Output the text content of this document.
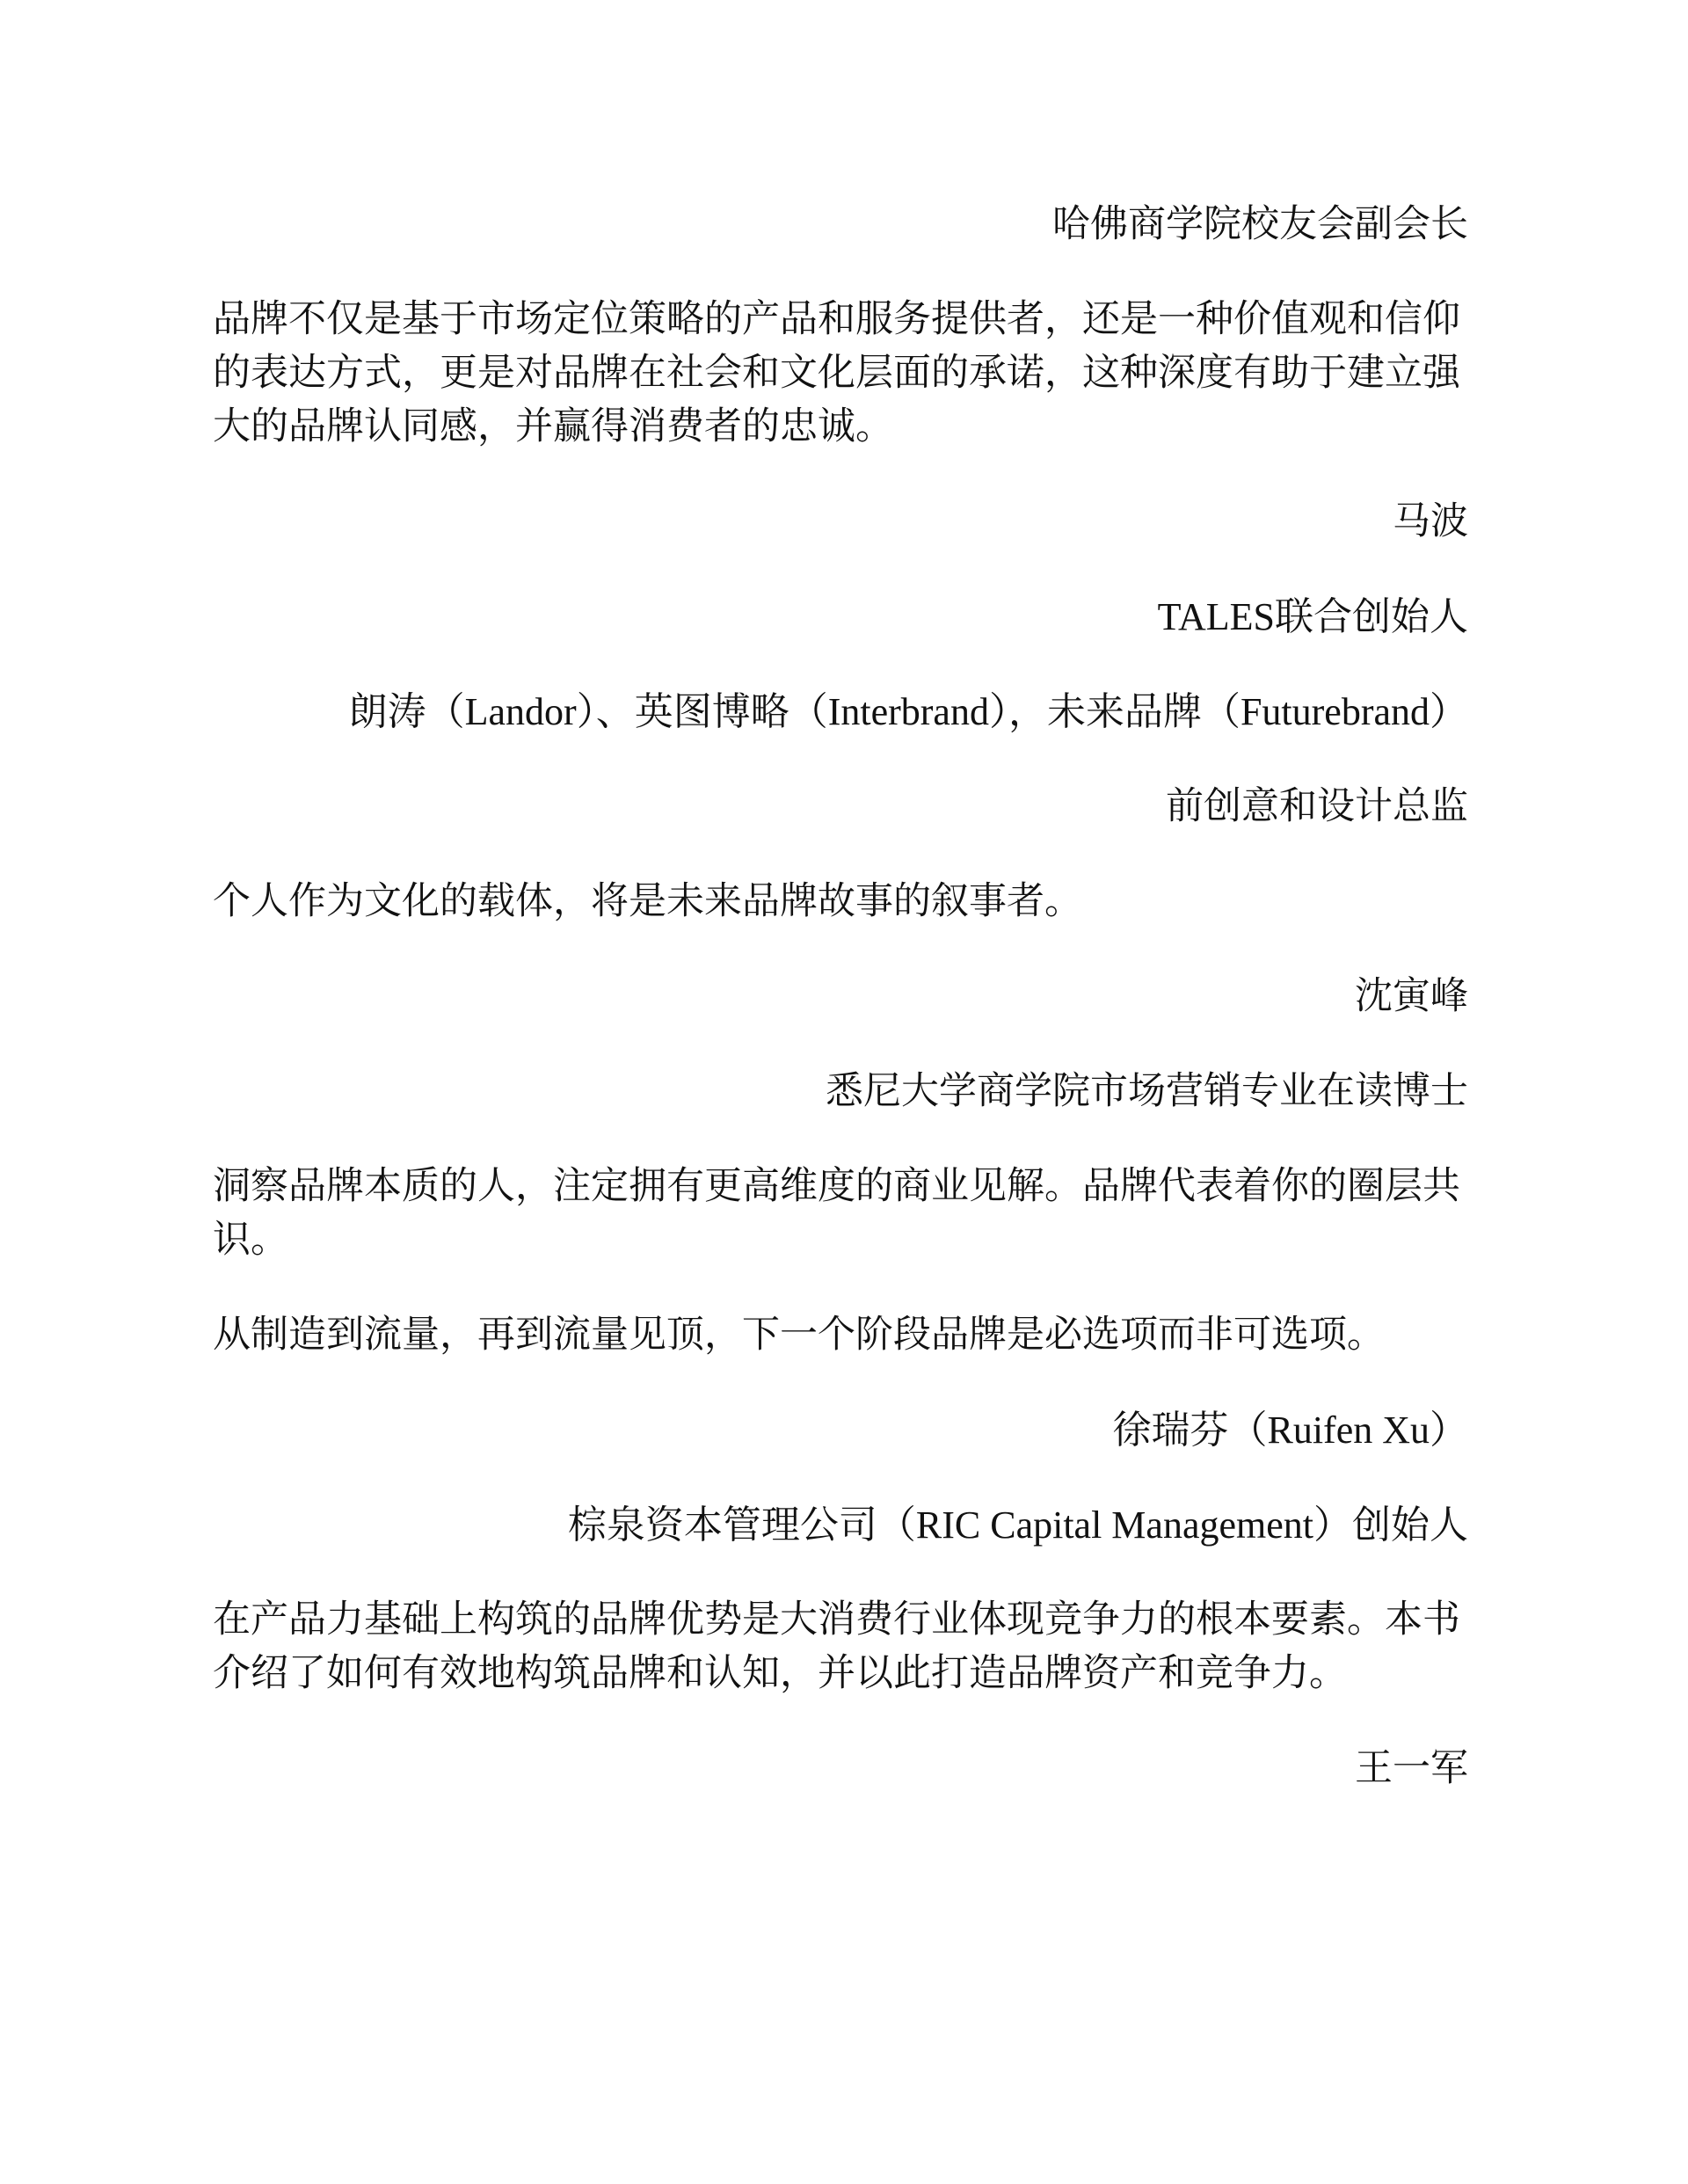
哈佛商学院校友会副会长

品牌不仅是基于市场定位策略的产品和服务提供者，还是一种价值观和信仰的表达方式，更是对品牌在社会和文化层面的承诺，这种深度有助于建立强大的品牌认同感，并赢得消费者的忠诚。

马波

TALES联合创始人

朗涛（Landor）、英图博略（Interbrand），未来品牌（Futurebrand）

前创意和设计总监

个人作为文化的载体，将是未来品牌故事的叙事者。

沈寅峰

悉尼大学商学院市场营销专业在读博士

洞察品牌本质的人，注定拥有更高维度的商业见解。品牌代表着你的圈层共识。

从制造到流量，再到流量见顶，下一个阶段品牌是必选项而非可选项。

徐瑞芬（Ruifen Xu）

棕泉资本管理公司（RIC Capital Management）创始人

在产品力基础上构筑的品牌优势是大消费行业体现竞争力的根本要素。本书介绍了如何有效地构筑品牌和认知，并以此打造品牌资产和竞争力。

王一军
